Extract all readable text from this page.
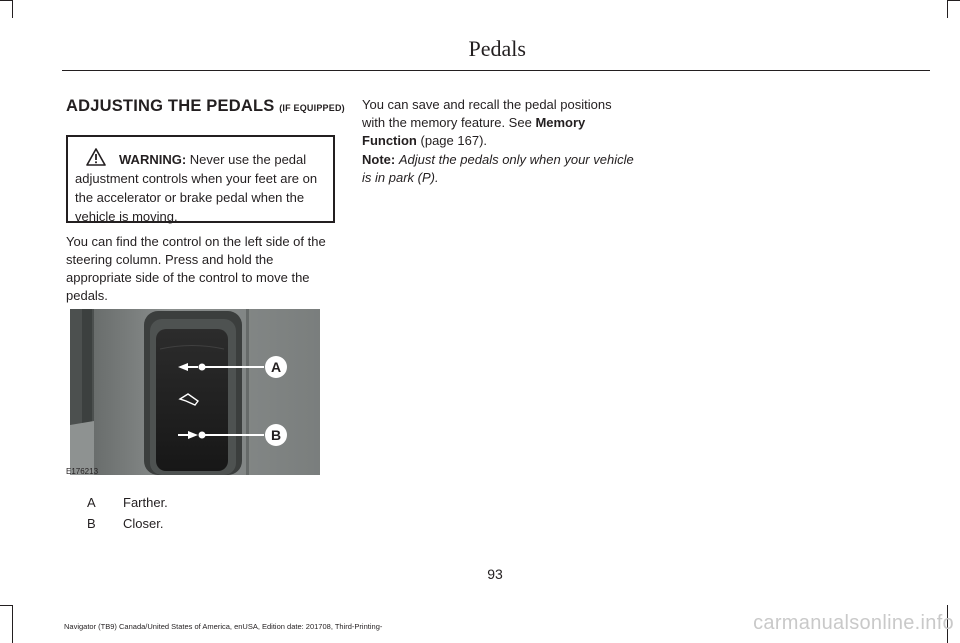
Pedals
ADJUSTING THE PEDALS (IF EQUIPPED)
WARNING: Never use the pedal adjustment controls when your feet are on the accelerator or brake pedal when the vehicle is moving.
You can find the control on the left side of the steering column. Press and hold the appropriate side of the control to move the pedals.
A
B
E176213
A Farther.
B Closer.
You can save and recall the pedal positions with the memory feature. See Memory Function (page 167).
Note: Adjust the pedals only when your vehicle is in park (P).
93
Navigator (TB9) Canada/United States of America, enUSA, Edition date: 201708, Third-Printing-	carmanualsonline.info
